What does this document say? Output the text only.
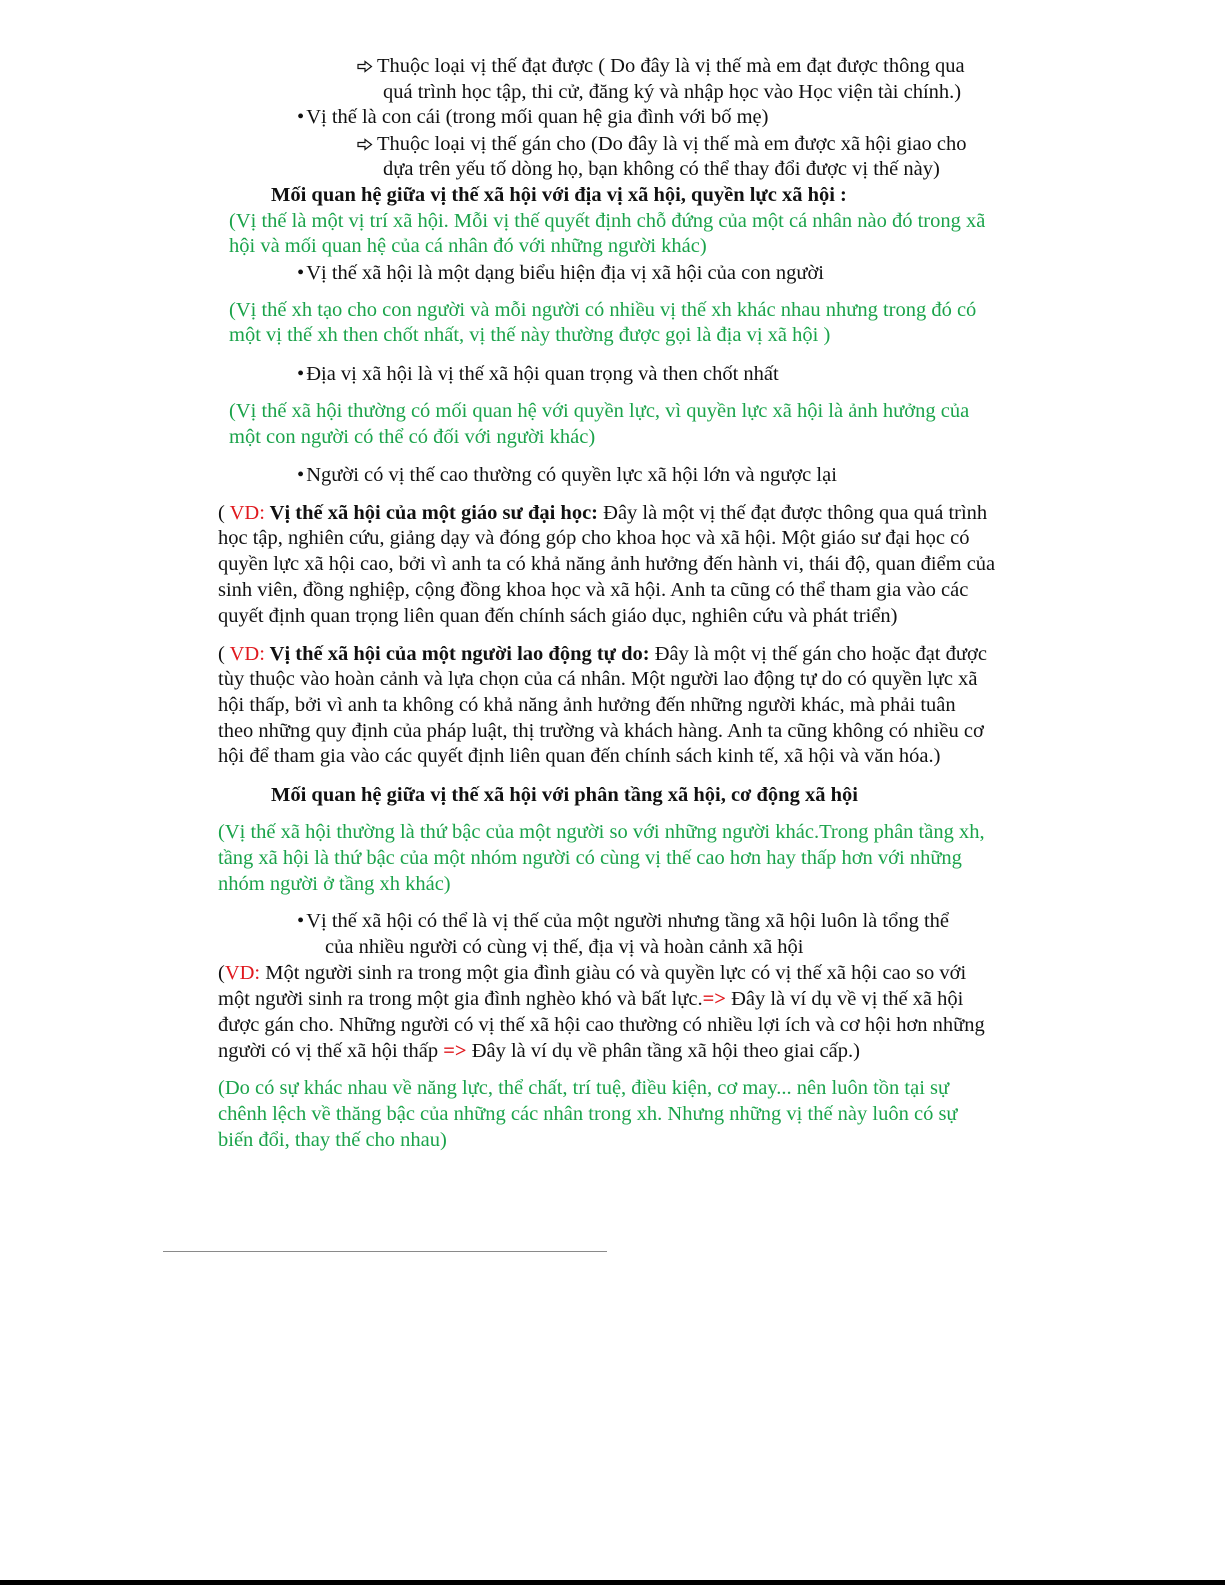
Thuộc loại vị thế đạt được ( Do đây là vị thế mà em đạt được thông qua
quá trình học tập, thi cử, đăng ký và nhập học vào Học viện tài chính.)
•Vị thế là con cái (trong mối quan hệ gia đình với bố mẹ)
Thuộc loại vị thế gán cho (Do đây là vị thế mà em được xã hội giao cho
dựa trên yếu tố dòng họ, bạn không có thể thay đổi được vị thế này)
Mối quan hệ giữa vị thế xã hội với địa vị xã hội, quyền lực xã hội :
(Vị thế là một vị trí xã hội. Mỗi vị thế quyết định chỗ đứng của một cá nhân nào đó trong xã
hội và mối quan hệ của cá nhân đó với những người khác)
•Vị thế xã hội là một dạng biểu hiện địa vị xã hội của con người
(Vị thế xh tạo cho con người và mỗi người có nhiều vị thế xh khác nhau nhưng trong đó có
một vị thế xh then chốt nhất, vị thế này thường được gọi là địa vị xã hội )
•Địa vị xã hội là vị thế xã hội quan trọng và then chốt nhất
(Vị thế xã hội thường có mối quan hệ với quyền lực, vì quyền lực xã hội là ảnh hưởng của
một con người có thể có đối với người khác)
•Người có vị thế cao thường có quyền lực xã hội lớn và ngược lại
( VD: Vị thế xã hội của một giáo sư đại học: Đây là một vị thế đạt được thông qua quá trình
học tập, nghiên cứu, giảng dạy và đóng góp cho khoa học và xã hội. Một giáo sư đại học có
quyền lực xã hội cao, bởi vì anh ta có khả năng ảnh hưởng đến hành vi, thái độ, quan điểm của
sinh viên, đồng nghiệp, cộng đồng khoa học và xã hội. Anh ta cũng có thể tham gia vào các
quyết định quan trọng liên quan đến chính sách giáo dục, nghiên cứu và phát triển)
( VD: Vị thế xã hội của một người lao động tự do: Đây là một vị thế gán cho hoặc đạt được
tùy thuộc vào hoàn cảnh và lựa chọn của cá nhân. Một người lao động tự do có quyền lực xã
hội thấp, bởi vì anh ta không có khả năng ảnh hưởng đến những người khác, mà phải tuân
theo những quy định của pháp luật, thị trường và khách hàng. Anh ta cũng không có nhiều cơ
hội để tham gia vào các quyết định liên quan đến chính sách kinh tế, xã hội và văn hóa.)
Mối quan hệ giữa vị thế xã hội với phân tầng xã hội, cơ động xã hội
(Vị thế xã hội thường là thứ bậc của một người so với những người khác.Trong phân tầng xh,
tầng xã hội là thứ bậc của một nhóm người có cùng vị thế cao hơn hay thấp hơn với những
nhóm người ở tầng xh khác)
•Vị thế xã hội có thể là vị thế của một người nhưng tầng xã hội luôn là tổng thể
của nhiều người có cùng vị thế, địa vị và hoàn cảnh xã hội
(VD: Một người sinh ra trong một gia đình giàu có và quyền lực có vị thế xã hội cao so với
một người sinh ra trong một gia đình nghèo khó và bất lực.=> Đây là ví dụ về vị thế xã hội
được gán cho. Những người có vị thế xã hội cao thường có nhiều lợi ích và cơ hội hơn những
người có vị thế xã hội thấp => Đây là ví dụ về phân tầng xã hội theo giai cấp.)
(Do có sự khác nhau về năng lực, thể chất, trí tuệ, điều kiện, cơ may... nên luôn tồn tại sự
chênh lệch về thăng bậc của những các nhân trong xh. Nhưng những vị thế này luôn có sự
biến đổi, thay thế cho nhau)
